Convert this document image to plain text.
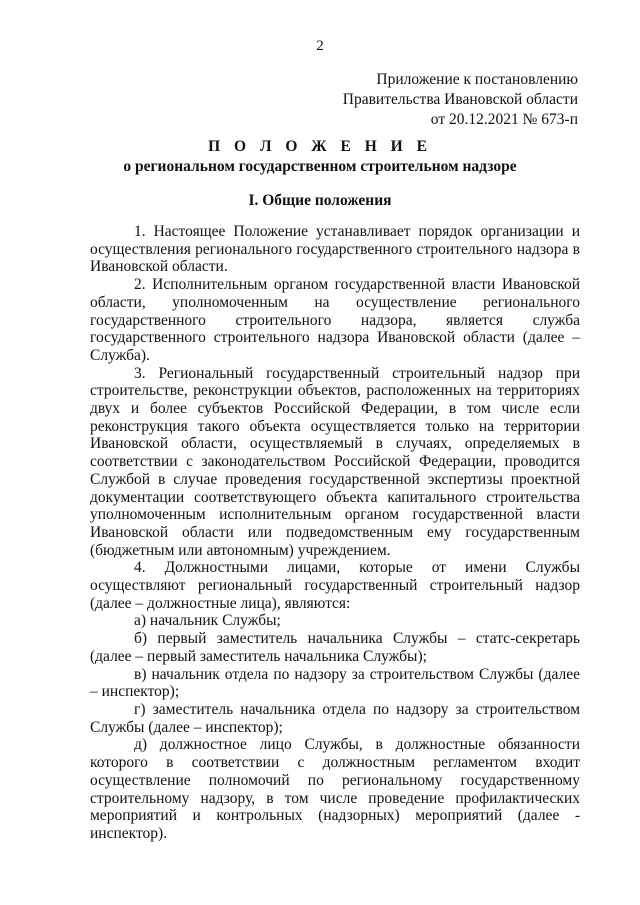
2
Приложение к постановлению
Правительства Ивановской области
от 20.12.2021 № 673-п
П О Л О Ж Е Н И Е
о региональном государственном строительном надзоре
I. Общие положения

1. Настоящее Положение устанавливает порядок организации и осуществления регионального государственного строительного надзора в Ивановской области.

2. Исполнительным органом государственной власти Ивановской области, уполномоченным на осуществление регионального государственного строительного надзора, является служба государственного строительного надзора Ивановской области (далее – Служба).

3. Региональный государственный строительный надзор при строительстве, реконструкции объектов, расположенных на территориях двух и более субъектов Российской Федерации, в том числе если реконструкция такого объекта осуществляется только на территории Ивановской области, осуществляемый в случаях, определяемых в соответствии с законодательством Российской Федерации, проводится Службой в случае проведения государственной экспертизы проектной документации соответствующего объекта капитального строительства уполномоченным исполнительным органом государственной власти Ивановской области или подведомственным ему государственным (бюджетным или автономным) учреждением.

4. Должностными лицами, которые от имени Службы осуществляют региональный государственный строительный надзор (далее – должностные лица), являются:

а) начальник Службы;

б) первый заместитель начальника Службы – статс-секретарь (далее – первый заместитель начальника Службы);

в) начальник отдела по надзору за строительством Службы (далее – инспектор);

г) заместитель начальника отдела по надзору за строительством Службы (далее – инспектор);

д) должностное лицо Службы, в должностные обязанности которого в соответствии с должностным регламентом входит осуществление полномочий по региональному государственному строительному надзору, в том числе проведение профилактических мероприятий и контрольных (надзорных) мероприятий (далее - инспектор).
